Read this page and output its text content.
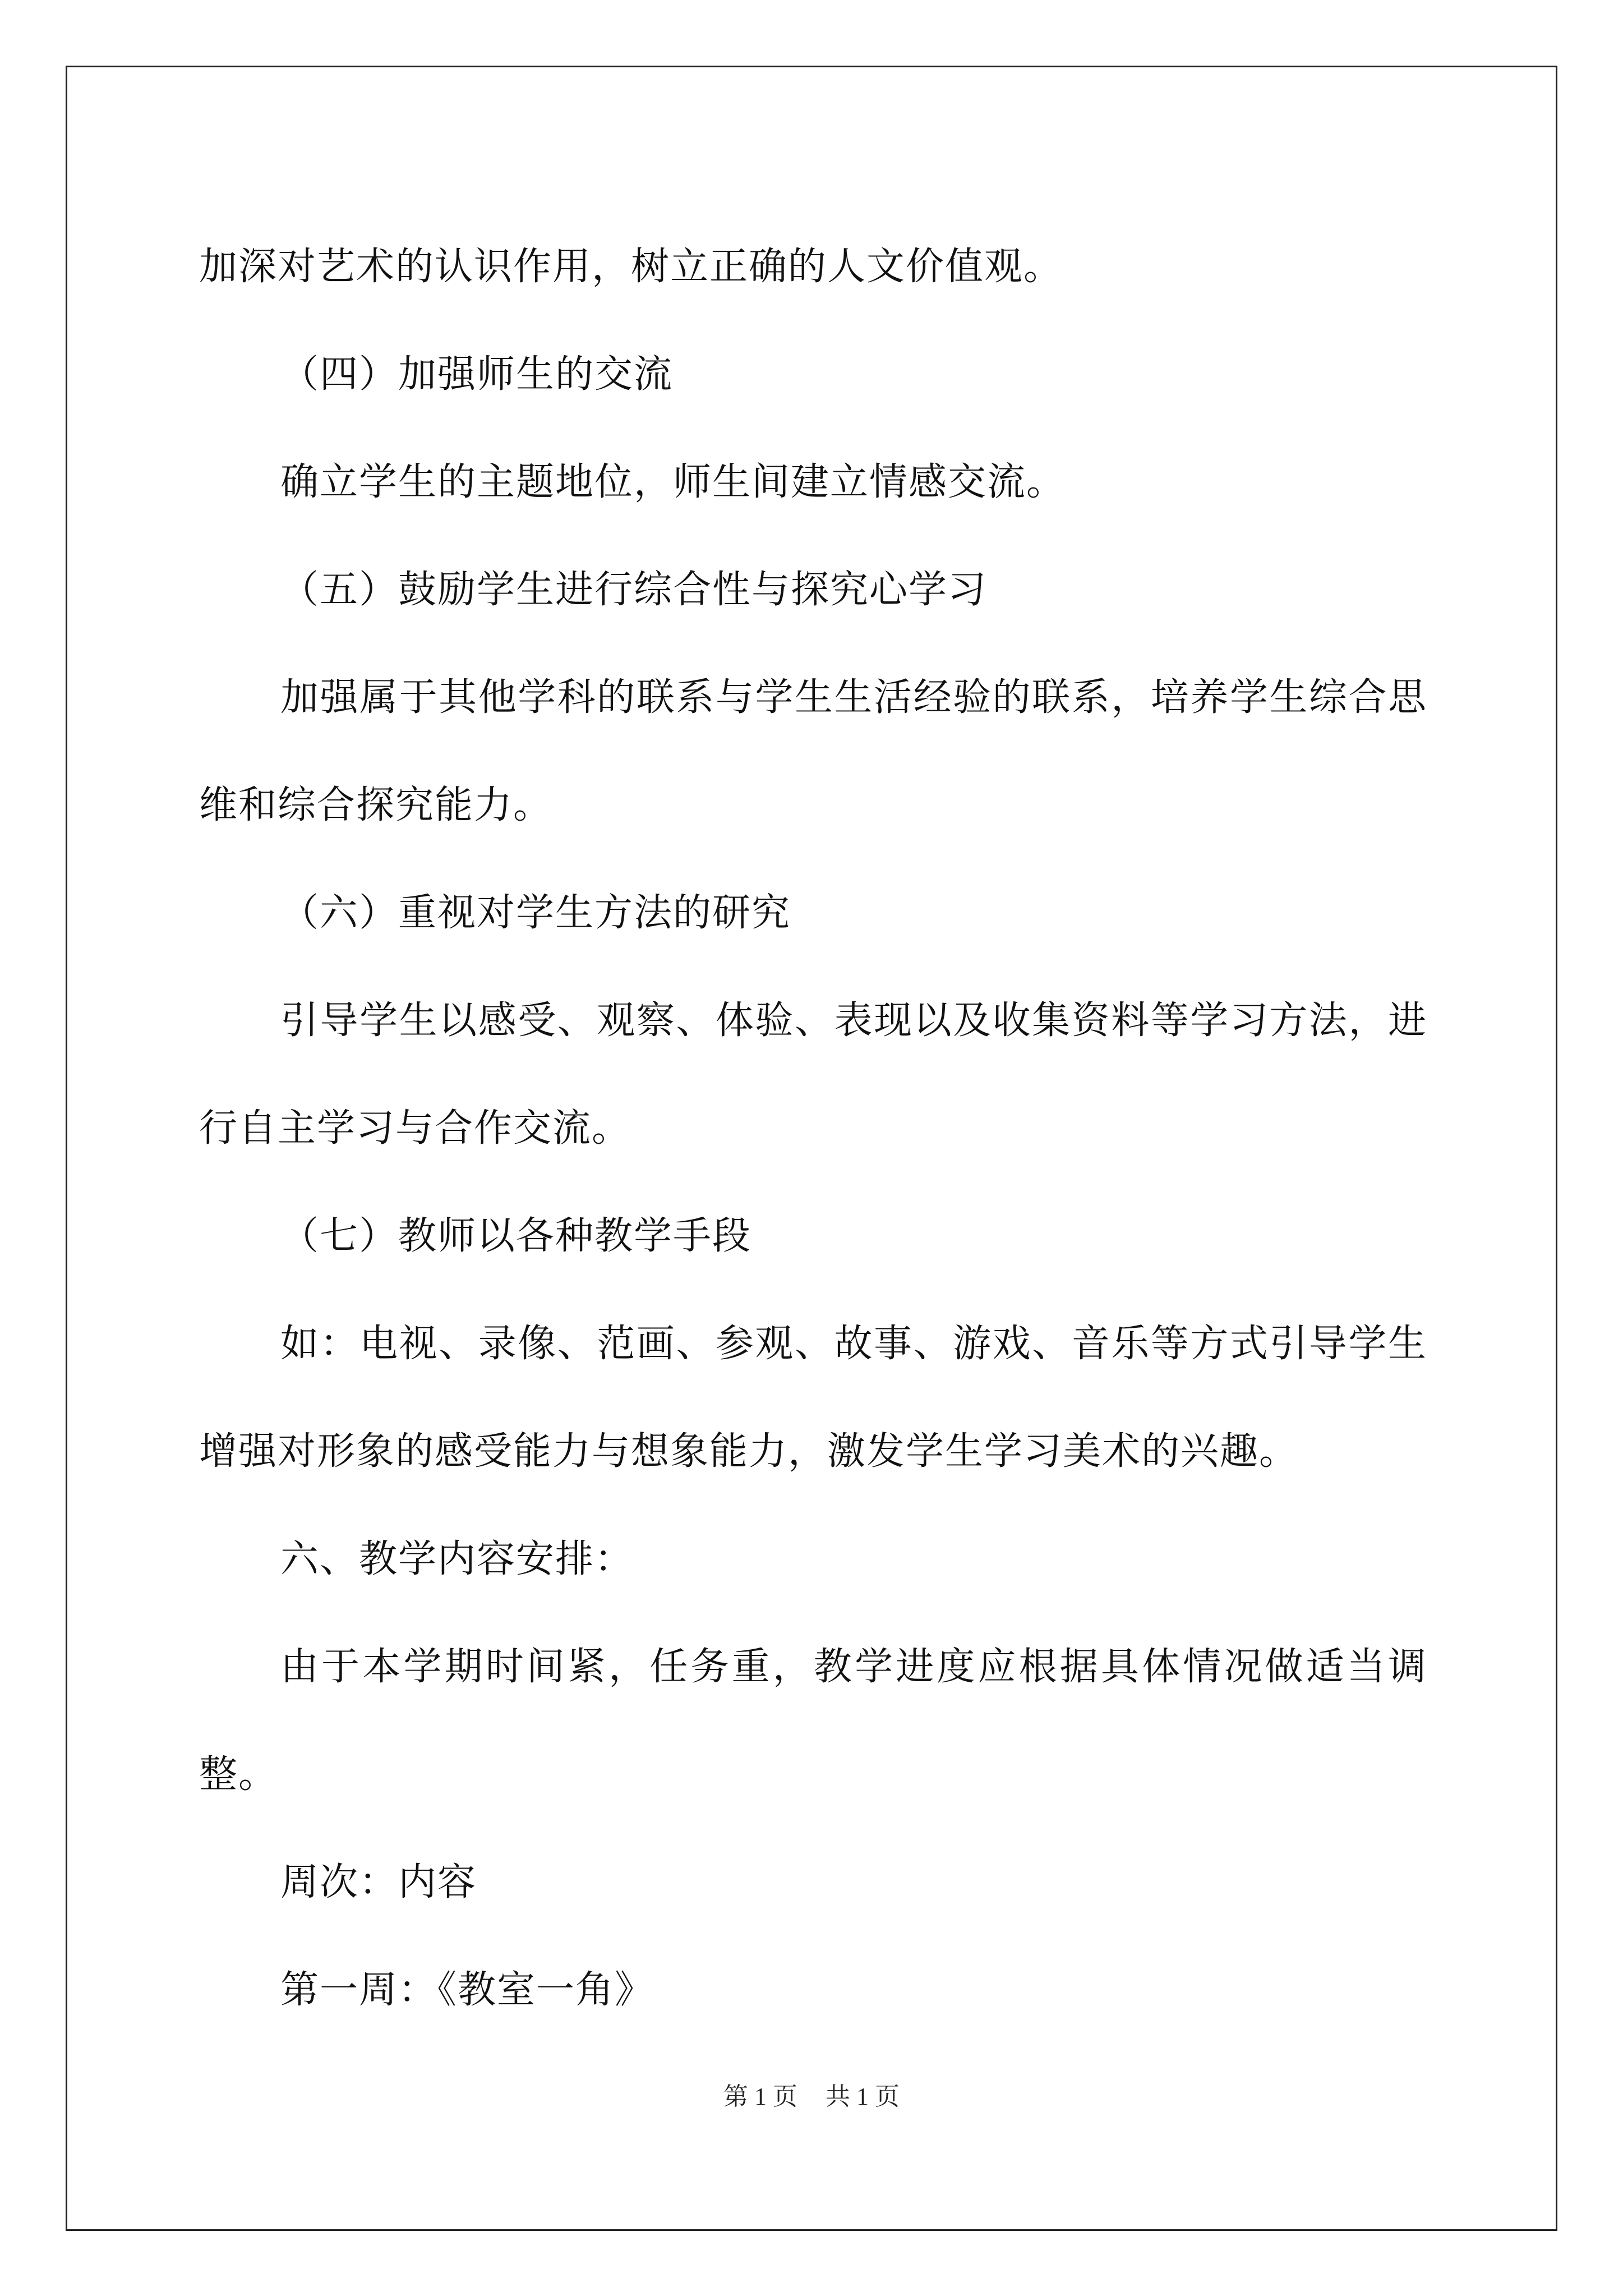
加深对艺术的认识作用，树立正确的人文价值观。

（四）加强师生的交流

确立学生的主题地位，师生间建立情感交流。

（五）鼓励学生进行综合性与探究心学习

加强属于其他学科的联系与学生生活经验的联系，培养学生综合思维和综合探究能力。

（六）重视对学生方法的研究

引导学生以感受、观察、体验、表现以及收集资料等学习方法，进行自主学习与合作交流。

（七）教师以各种教学手段

如：电视、录像、范画、参观、故事、游戏、音乐等方式引导学生增强对形象的感受能力与想象能力，激发学生学习美术的兴趣。

六、教学内容安排：

由于本学期时间紧，任务重，教学进度应根据具体情况做适当调整。

周次：内容

第一周：《教室一角》

第 1 页 共 1 页
